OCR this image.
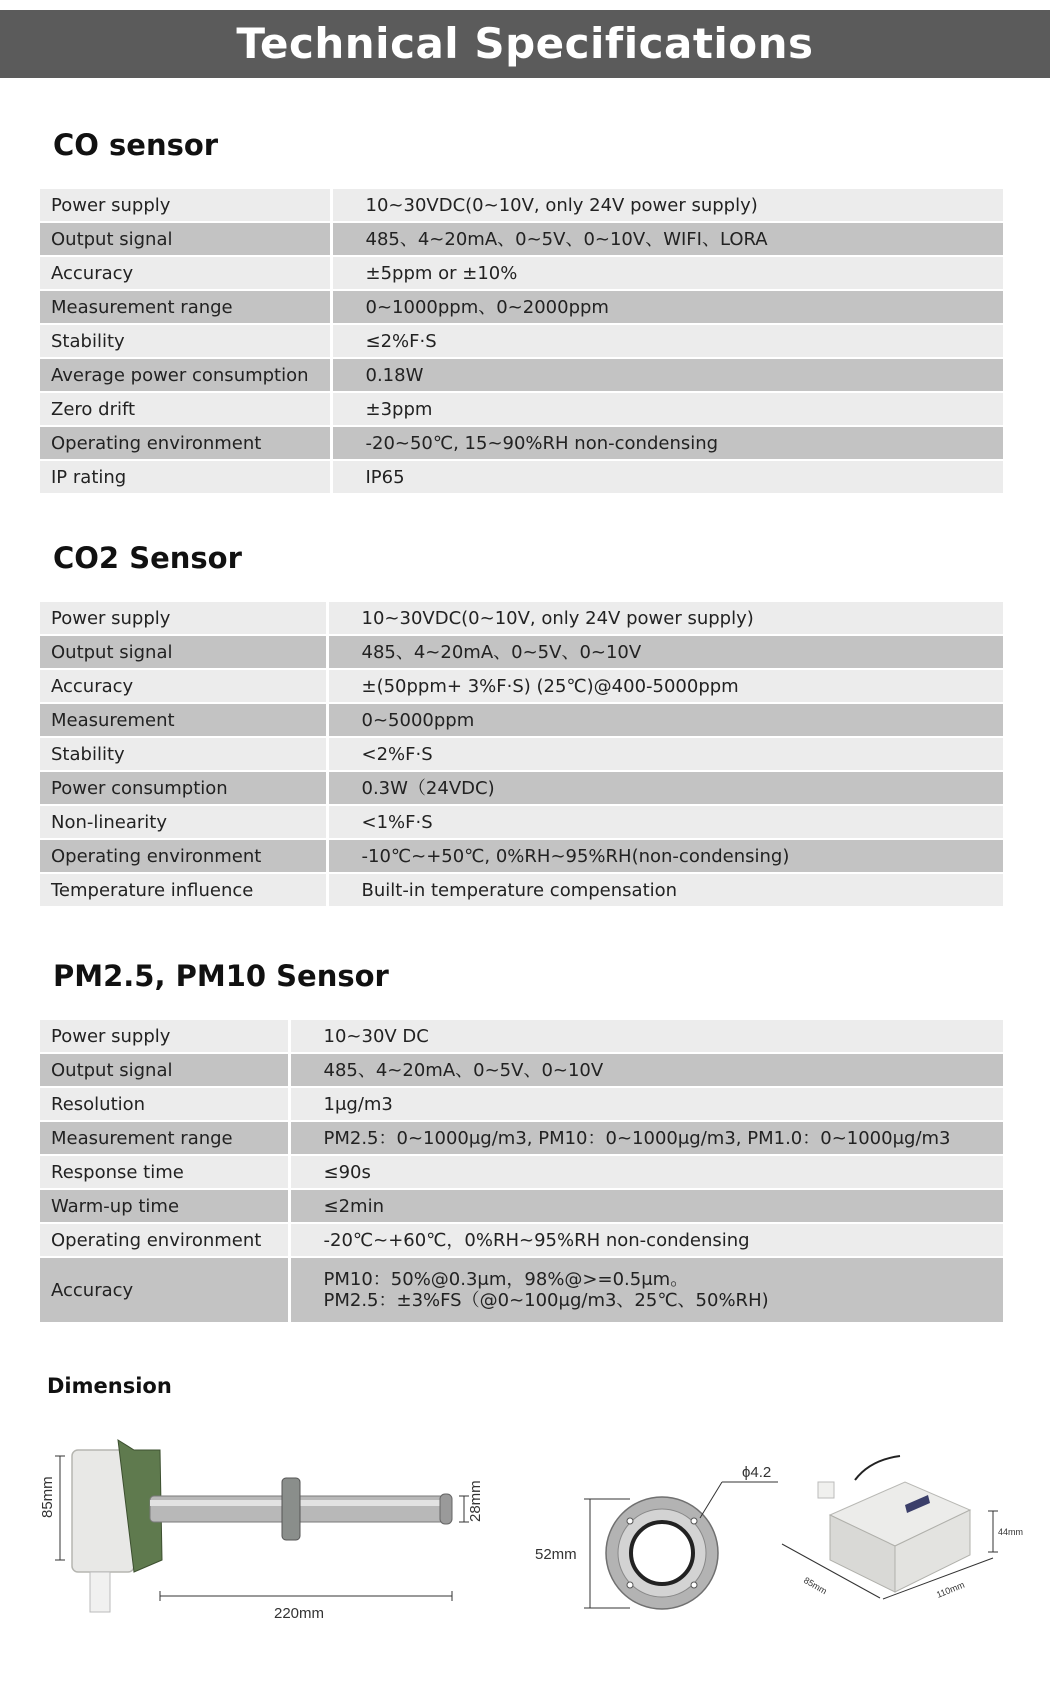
Technical Specifications
CO sensor
Power supply	10~30VDC(0~10V, only 24V power supply)
Output signal	485、4~20mA、0~5V、0~10V、WIFI、LORA
Accuracy	±5ppm or ±10%
Measurement range	0~1000ppm、0~2000ppm
Stability	≤2%F·S
Average power consumption	0.18W
Zero drift	±3ppm
Operating environment	-20~50℃, 15~90%RH non-condensing
IP rating	IP65
CO2 Sensor
Power supply	10~30VDC(0~10V, only 24V power supply)
Output signal	485、4~20mA、0~5V、0~10V
Accuracy	±(50ppm+ 3%F·S) (25℃)@400-5000ppm
Measurement	0~5000ppm
Stability	<2%F·S
Power consumption	0.3W（24VDC)
Non-linearity	<1%F·S
Operating environment	-10℃~+50℃, 0%RH~95%RH(non-condensing)
Temperature influence	Built-in temperature compensation
PM2.5, PM10 Sensor
Power supply	10~30V DC
Output signal	485、4~20mA、0~5V、0~10V
Resolution	1μg/m3
Measurement range	PM2.5：0~1000μg/m3, PM10：0~1000μg/m3, PM1.0：0~1000μg/m3
Response time	≤90s
Warm-up time	≤2min
Operating environment	-20℃~+60℃，0%RH~95%RH non-condensing
Accuracy	PM10：50%@0.3μm，98%@>=0.5μm。
PM2.5：±3%FS（@0~100μg/m3、25℃、50%RH)
Dimension
85mm	28mm
220mm
52mm
ϕ4.2
44mm
85mm	110mm
